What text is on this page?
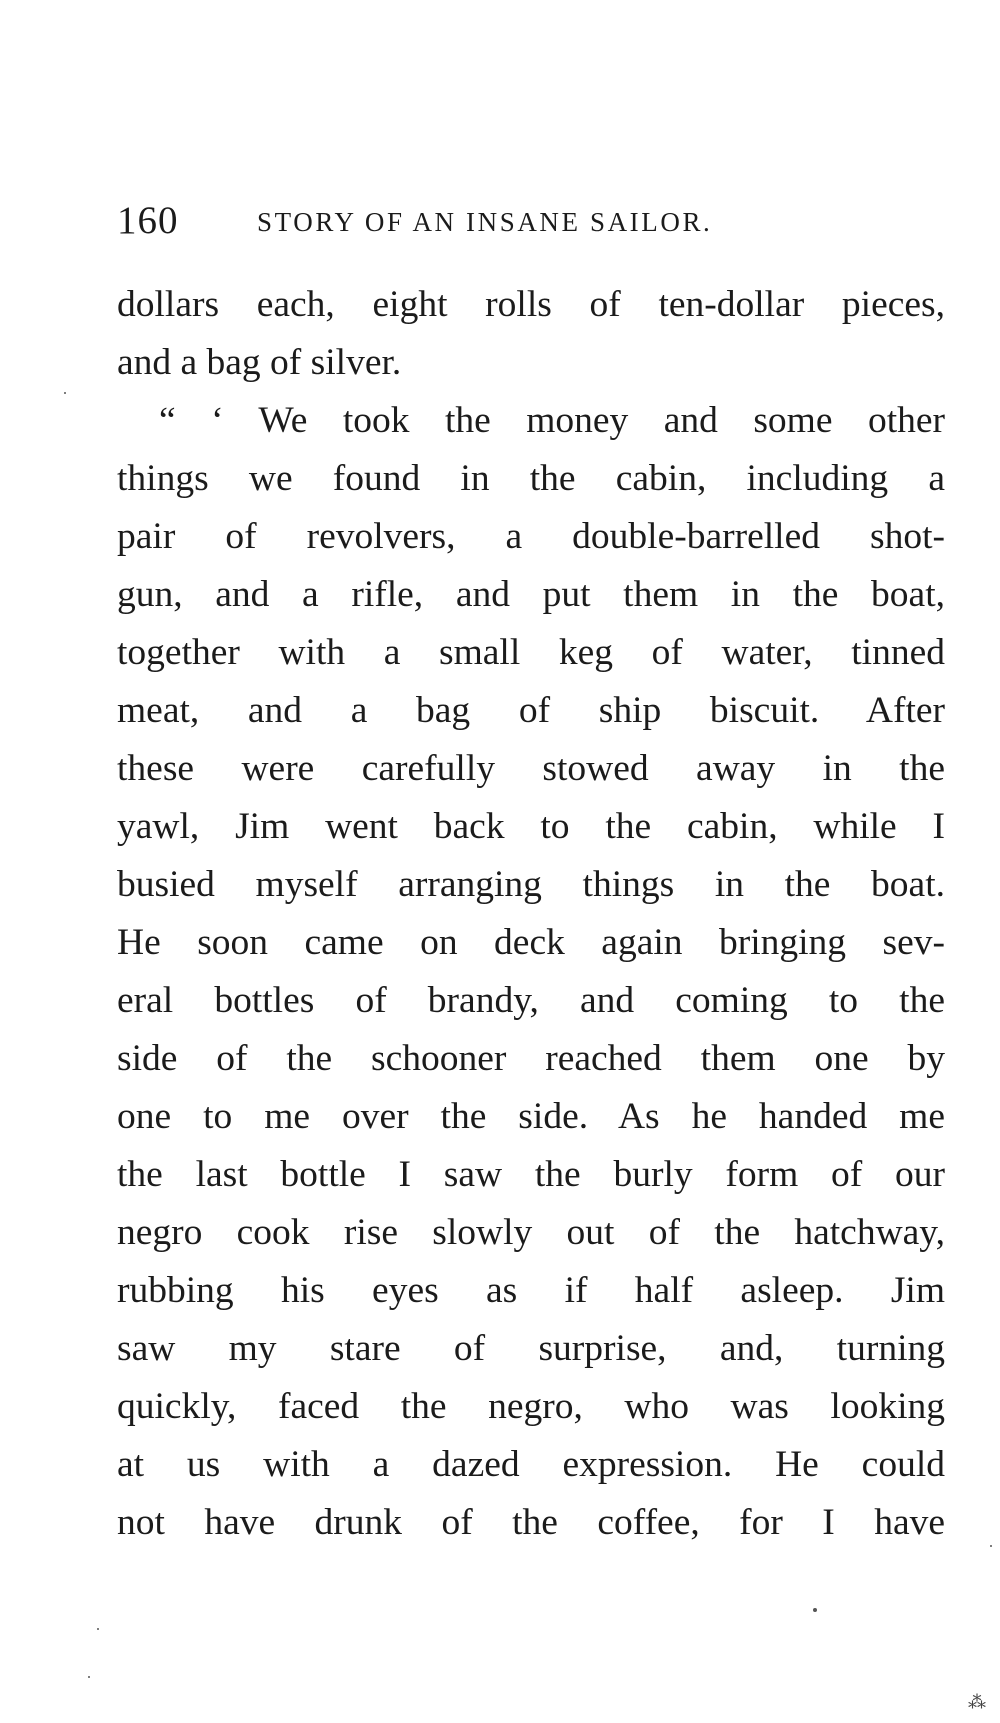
160	STORY OF AN INSANE SAILOR.
dollars each, eight rolls of ten-dollar pieces,
and a bag of silver.
“ ‘ We took the money and some other
things we found in the cabin, including a
pair of revolvers, a double-barrelled shot-
gun, and a rifle, and put them in the boat,
together with a small keg of water, tinned
meat, and a bag of ship biscuit. After
these were carefully stowed away in the
yawl, Jim went back to the cabin, while I
busied myself arranging things in the boat.
He soon came on deck again bringing sev-
eral bottles of brandy, and coming to the
side of the schooner reached them one by
one to me over the side. As he handed me
the last bottle I saw the burly form of our
negro cook rise slowly out of the hatchway,
rubbing his eyes as if half asleep. Jim
saw my stare of surprise, and, turning
quickly, faced the negro, who was looking
at us with a dazed expression. He could
not have drunk of the coffee, for I have
⁂
